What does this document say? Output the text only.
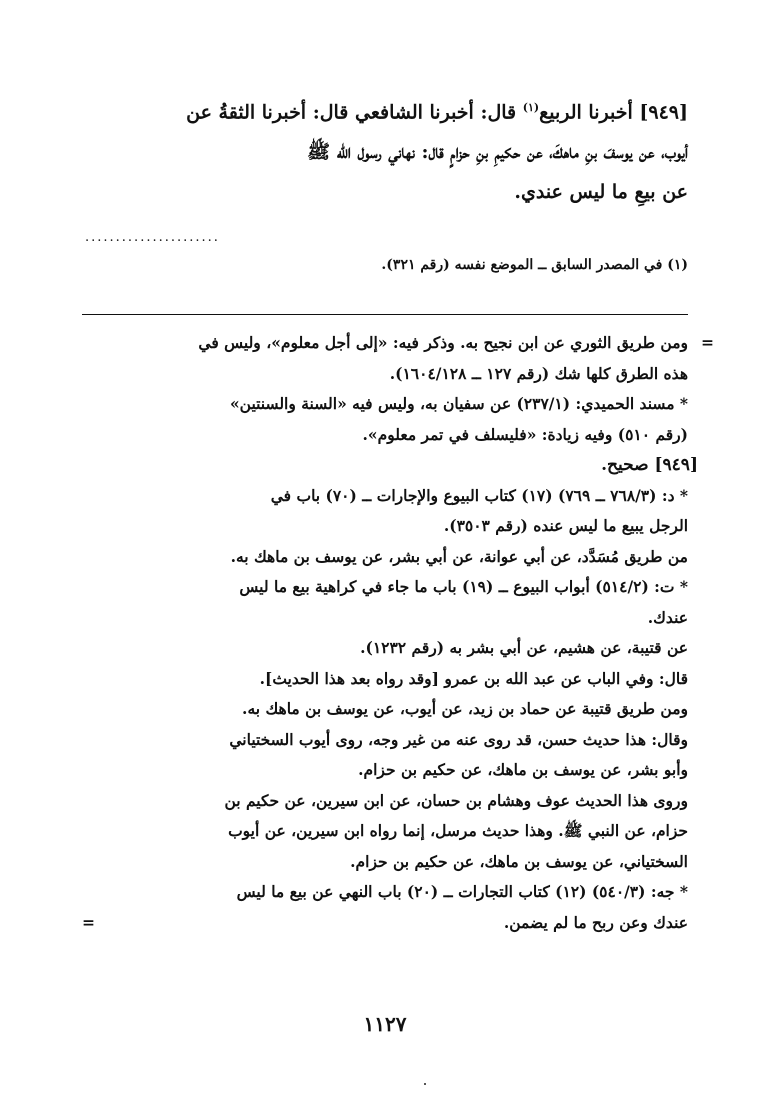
[٩٤٩] أخبرنا الربيع$^{(١)}$ قال: أخبرنا الشافعي قال: أخبرنا الثقةُ عن

أيوب، عن يوسفَ بنِ ماهكَ، عن حكيمِ بنِ حزامٍ قال: نهاني رسول الله ﷺ

عن بيعِ ما ليس عندي.

......................
(١) في المصدر السابق ــ الموضع نفسه (رقم ٣٢١).

=
ومن طريق الثوري عن ابن نجيح به. وذكر فيه: «إلى أجل معلوم»، وليس في

هذه الطرق كلها شك (رقم ١٢٧ ــ ١٦٠٤/١٢٨).

* مسند الحميدي: (٢٣٧/١) عن سفيان به، وليس فيه «السنة والسنتين»

(رقم ٥١٠) وفيه زيادة: «فليسلف في تمر معلوم».

[٩٤٩] صحيح.

* د: (٧٦٨/٣ ــ ٧٦٩) (١٧) كتاب البيوع والإجارات ــ (٧٠) باب في

الرجل يبيع ما ليس عنده (رقم ٣٥٠٣).

من طريق مُسَدَّد، عن أبي عوانة، عن أبي بشر، عن يوسف بن ماهك به.

* ت: (٥١٤/٢) أبواب البيوع ــ (١٩) باب ما جاء في كراهية بيع ما ليس

عندك.

عن قتيبة، عن هشيم، عن أبي بشر به (رقم ١٢٣٢).

قال: وفي الباب عن عبد الله بن عمرو [وقد رواه بعد هذا الحديث].

ومن طريق قتيبة عن حماد بن زيد، عن أيوب، عن يوسف بن ماهك به.

وقال: هذا حديث حسن، قد روى عنه من غير وجه، روى أيوب السختياني

وأبو بشر، عن يوسف بن ماهك، عن حكيم بن حزام.

وروى هذا الحديث عوف وهشام بن حسان، عن ابن سيرين، عن حكيم بن

حزام، عن النبي ﷺ. وهذا حديث مرسل، إنما رواه ابن سيرين، عن أيوب

السختياني، عن يوسف بن ماهك، عن حكيم بن حزام.

* جه: (٥٤٠/٣) (١٢) كتاب التجارات ــ (٢٠) باب النهي عن بيع ما ليس

عندك وعن ربح ما لم يضمن.
=

١١٢٧
